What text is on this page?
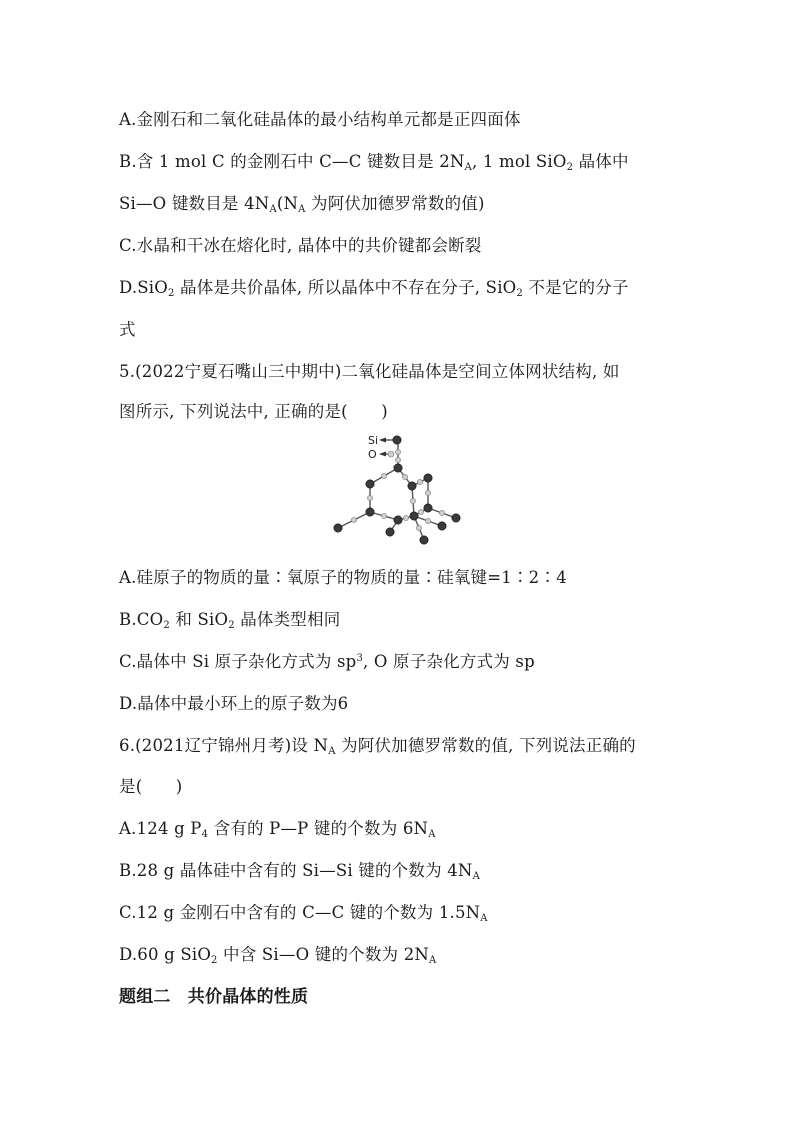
A.金刚石和二氧化硅晶体的最小结构单元都是正四面体
B.含 1 mol C 的金刚石中 C—C 键数目是 $2N_A$, 1 mol SiO$_2$ 晶体中
Si—O 键数目是 $4N_A(N_A$ 为阿伏加德罗常数的值)
C.水晶和干冰在熔化时, 晶体中的共价键都会断裂
D.SiO$_2$ 晶体是共价晶体, 所以晶体中不存在分子, SiO$_2$ 不是它的分子
式
5.(2022宁夏石嘴山三中期中)二氧化硅晶体是空间立体网状结构, 如
图所示, 下列说法中, 正确的是(　　)
Si
O
A.硅原子的物质的量∶氧原子的物质的量∶硅氧键=1∶2∶4
$B.CO_2$ 和 SiO$_2$ 晶体类型相同
C.晶体中 Si 原子杂化方式为 $sp^3$, O 原子杂化方式为 sp
D.晶体中最小环上的原子数为6
6.(2021辽宁锦州月考)设 $N_A$ 为阿伏加德罗常数的值, 下列说法正确的
是(　　)
A.124 g $P_4$ 含有的 P—P 键的个数为 $6N_A$
B.28 g 晶体硅中含有的 Si—Si 键的个数为 $4N_A$
C.12 g 金刚石中含有的 C—C 键的个数为 $1.5N_A$
D.60 g SiO$_2$ 中含 Si—O 键的个数为 $2N_A$
题组二　共价晶体的性质
